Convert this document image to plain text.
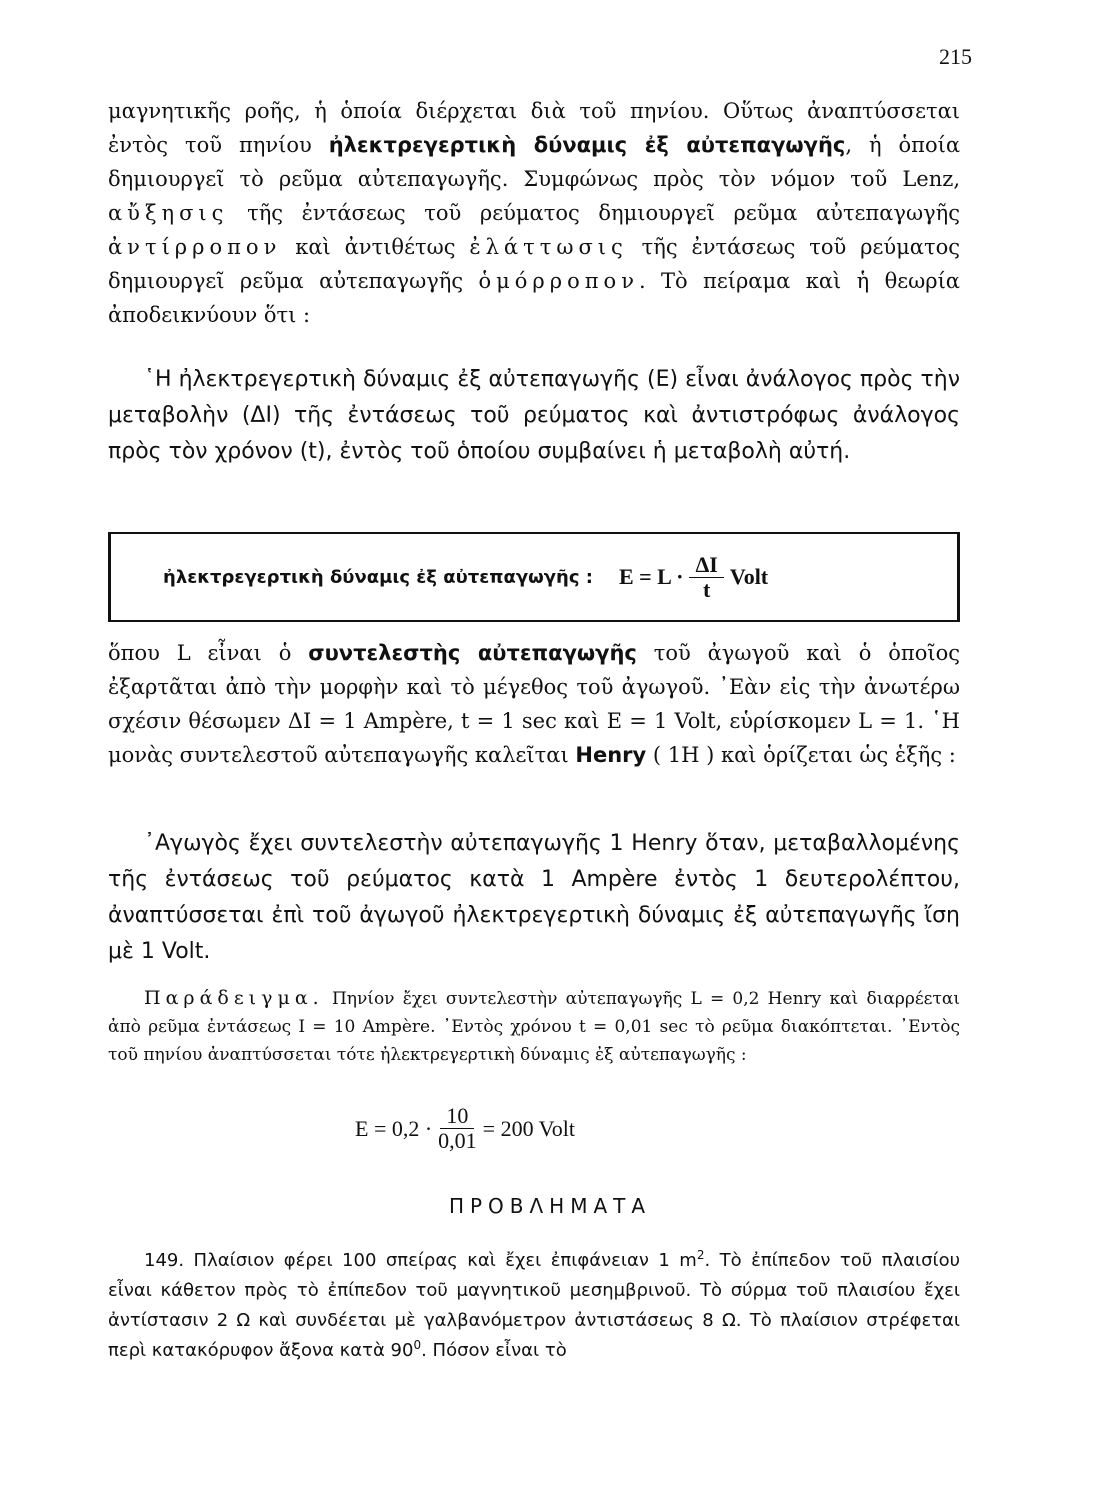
215

μαγνητικῆς ροῆς, ἡ ὁποία διέρχεται διὰ τοῦ πηνίου. Οὕτως ἀναπτύσσεται ἐντὸς τοῦ πηνίου ἠλεκτρεγερτικὴ δύναμις ἐξ αὐτεπαγωγῆς, ἡ ὁποία δημιουργεῖ τὸ ρεῦμα αὐτεπαγωγῆς. Συμφώνως πρὸς τὸν νόμον τοῦ Lenz, αὔξησις τῆς ἐντάσεως τοῦ ρεύματος δημιουργεῖ ρεῦμα αὐτεπαγωγῆς ἀντίρροπον καὶ ἀντιθέτως ἐλάττωσις τῆς ἐντάσεως τοῦ ρεύματος δημιουργεῖ ρεῦμα αὐτεπαγωγῆς ὁμόρροπον. Τὸ πείραμα καὶ ἡ θεωρία ἀποδεικνύουν ὅτι :

῾Η ἠλεκτρεγερτικὴ δύναμις ἐξ αὐτεπαγωγῆς (Ε) εἶναι ἀνάλογος πρὸς τὴν μεταβολὴν (ΔΙ) τῆς ἐντάσεως τοῦ ρεύματος καὶ ἀντιστρόφως ἀνάλογος πρὸς τὸν χρόνον (t), ἐντὸς τοῦ ὁποίου συμβαίνει ἡ μεταβολὴ αὐτή.

ἠλεκτρεγερτικὴ δύναμις ἐξ αὐτεπαγωγῆς : $E = L \cdot \frac{\Delta I}{t}$ Volt

ὅπου L εἶναι ὁ συντελεστὴς αὐτεπαγωγῆς τοῦ ἀγωγοῦ καὶ ὁ ὁποῖος ἐξαρτᾶται ἀπὸ τὴν μορφὴν καὶ τὸ μέγεθος τοῦ ἀγωγοῦ. ᾿Εὰν εἰς τὴν ἀνωτέρω σχέσιν θέσωμεν ΔΙ = 1 Ampère, t = 1 sec καὶ E = 1 Volt, εὑρίσκομεν L = 1. ῾Η μονὰς συντελεστοῦ αὐτεπαγωγῆς καλεῖται Henry ( 1H ) καὶ ὁρίζεται ὡς ἑξῆς :

᾿Αγωγὸς ἔχει συντελεστὴν αὐτεπαγωγῆς 1 Henry ὅταν, μεταβαλλομένης τῆς ἐντάσεως τοῦ ρεύματος κατὰ 1 Ampère ἐντὸς 1 δευτερολέπτου, ἀναπτύσσεται ἐπὶ τοῦ ἀγωγοῦ ἠλεκτρεγερτικὴ δύναμις ἐξ αὐτεπαγωγῆς ἴση μὲ 1 Volt.

Παράδειγμα. Πηνίον ἔχει συντελεστὴν αὐτεπαγωγῆς L = 0,2 Henry καὶ διαρρέεται ἀπὸ ρεῦμα ἐντάσεως I = 10 Ampère. ᾿Εντὸς χρόνου t = 0,01 sec τὸ ρεῦμα διακόπτεται. ᾿Εντὸς τοῦ πηνίου ἀναπτύσσεται τότε ἠλεκτρεγερτικὴ δύναμις ἐξ αὐτεπαγωγῆς :

$E = 0,2 \cdot \frac{10}{0,01} = 200$ Volt
ΠΡΟΒΛΗΜΑΤΑ

149. Πλαίσιον φέρει 100 σπείρας καὶ ἔχει ἐπιφάνειαν 1 $m^2$. Τὸ ἐπίπεδον τοῦ πλαισίου εἶναι κάθετον πρὸς τὸ ἐπίπεδον τοῦ μαγνητικοῦ μεσημβρινοῦ. Τὸ σύρμα τοῦ πλαισίου ἔχει ἀντίστασιν 2 Ω καὶ συνδέεται μὲ γαλβανόμετρον ἀντιστάσεως 8 Ω. Τὸ πλαίσιον στρέφεται περὶ κατακόρυφον ἄξονα κατὰ $90^0$. Πόσον εἶναι τὸ
